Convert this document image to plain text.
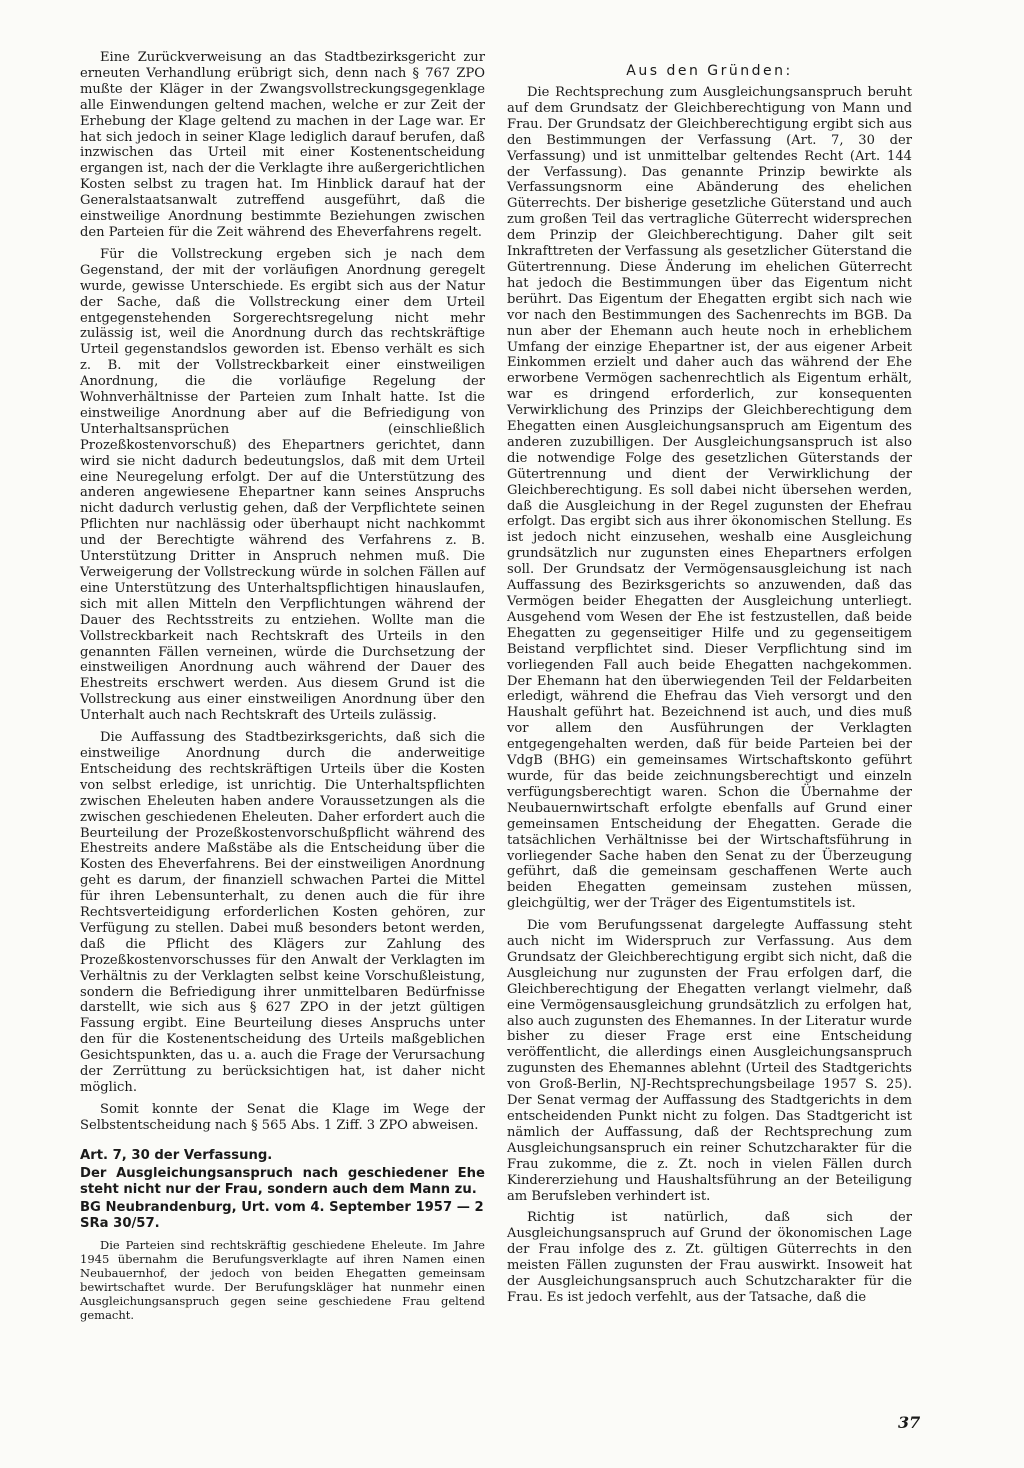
Eine Zurückverweisung an das Stadtbezirksgericht zur erneuten Verhandlung erübrigt sich, denn nach § 767 ZPO mußte der Kläger in der Zwangsvollstreckungsgegenklage alle Einwendungen geltend machen, welche er zur Zeit der Erhebung der Klage geltend zu machen in der Lage war. Er hat sich jedoch in seiner Klage lediglich darauf berufen, daß inzwischen das Urteil mit einer Kostenentscheidung ergangen ist, nach der die Verklagte ihre außergerichtlichen Kosten selbst zu tragen hat. Im Hinblick darauf hat der Generalstaatsanwalt zutreffend ausgeführt, daß die einstweilige Anordnung bestimmte Beziehungen zwischen den Parteien für die Zeit während des Eheverfahrens regelt.

Für die Vollstreckung ergeben sich je nach dem Gegenstand, der mit der vorläufigen Anordnung geregelt wurde, gewisse Unterschiede. Es ergibt sich aus der Natur der Sache, daß die Vollstreckung einer dem Urteil entgegenstehenden Sorgerechtsregelung nicht mehr zulässig ist, weil die Anordnung durch das rechtskräftige Urteil gegenstandslos geworden ist. Ebenso verhält es sich z. B. mit der Vollstreckbarkeit einer einstweiligen Anordnung, die die vorläufige Regelung der Wohnverhältnisse der Parteien zum Inhalt hatte. Ist die einstweilige Anordnung aber auf die Befriedigung von Unterhaltsansprüchen (einschließlich Prozeßkostenvorschuß) des Ehepartners gerichtet, dann wird sie nicht dadurch bedeutungslos, daß mit dem Urteil eine Neuregelung erfolgt. Der auf die Unterstützung des anderen angewiesene Ehepartner kann seines Anspruchs nicht dadurch verlustig gehen, daß der Verpflichtete seinen Pflichten nur nachlässig oder überhaupt nicht nachkommt und der Berechtigte während des Verfahrens z. B. Unterstützung Dritter in Anspruch nehmen muß. Die Verweigerung der Vollstreckung würde in solchen Fällen auf eine Unterstützung des Unterhaltspflichtigen hinauslaufen, sich mit allen Mitteln den Verpflichtungen während der Dauer des Rechtsstreits zu entziehen. Wollte man die Vollstreckbarkeit nach Rechtskraft des Urteils in den genannten Fällen verneinen, würde die Durchsetzung der einstweiligen Anordnung auch während der Dauer des Ehestreits erschwert werden. Aus diesem Grund ist die Vollstreckung aus einer einstweiligen Anordnung über den Unterhalt auch nach Rechtskraft des Urteils zulässig.

Die Auffassung des Stadtbezirksgerichts, daß sich die einstweilige Anordnung durch die anderweitige Entscheidung des rechtskräftigen Urteils über die Kosten von selbst erledige, ist unrichtig. Die Unterhaltspflichten zwischen Eheleuten haben andere Voraussetzungen als die zwischen geschiedenen Eheleuten. Daher erfordert auch die Beurteilung der Prozeßkostenvorschußpflicht während des Ehestreits andere Maßstäbe als die Entscheidung über die Kosten des Eheverfahrens. Bei der einstweiligen Anordnung geht es darum, der finanziell schwachen Partei die Mittel für ihren Lebensunterhalt, zu denen auch die für ihre Rechtsverteidigung erforderlichen Kosten gehören, zur Verfügung zu stellen. Dabei muß besonders betont werden, daß die Pflicht des Klägers zur Zahlung des Prozeßkostenvorschusses für den Anwalt der Verklagten im Verhältnis zu der Verklagten selbst keine Vorschußleistung, sondern die Befriedigung ihrer unmittelbaren Bedürfnisse darstellt, wie sich aus § 627 ZPO in der jetzt gültigen Fassung ergibt. Eine Beurteilung dieses Anspruchs unter den für die Kostenentscheidung des Urteils maßgeblichen Gesichtspunkten, das u. a. auch die Frage der Verursachung der Zerrüttung zu berücksichtigen hat, ist daher nicht möglich.

Somit konnte der Senat die Klage im Wege der Selbstentscheidung nach § 565 Abs. 1 Ziff. 3 ZPO abweisen.

Art. 7, 30 der Verfassung.
Der Ausgleichungsanspruch nach geschiedener Ehe steht nicht nur der Frau, sondern auch dem Mann zu.
BG Neubrandenburg, Urt. vom 4. September 1957 — 2 SRa 30/57.

Die Parteien sind rechtskräftig geschiedene Eheleute. Im Jahre 1945 übernahm die Berufungsverklagte auf ihren Namen einen Neubauernhof, der jedoch von beiden Ehegatten gemeinsam bewirtschaftet wurde. Der Berufungskläger hat nunmehr einen Ausgleichungsanspruch gegen seine geschiedene Frau geltend gemacht.

Aus den Gründen:

Die Rechtsprechung zum Ausgleichungsanspruch beruht auf dem Grundsatz der Gleichberechtigung von Mann und Frau. Der Grundsatz der Gleichberechtigung ergibt sich aus den Bestimmungen der Verfassung (Art. 7, 30 der Verfassung) und ist unmittelbar geltendes Recht (Art. 144 der Verfassung). Das genannte Prinzip bewirkte als Verfassungsnorm eine Abänderung des ehelichen Güterrechts. Der bisherige gesetzliche Güterstand und auch zum großen Teil das vertragliche Güterrecht widersprechen dem Prinzip der Gleichberechtigung. Daher gilt seit Inkrafttreten der Verfassung als gesetzlicher Güterstand die Gütertrennung. Diese Änderung im ehelichen Güterrecht hat jedoch die Bestimmungen über das Eigentum nicht berührt. Das Eigentum der Ehegatten ergibt sich nach wie vor nach den Bestimmungen des Sachenrechts im BGB. Da nun aber der Ehemann auch heute noch in erheblichem Umfang der einzige Ehepartner ist, der aus eigener Arbeit Einkommen erzielt und daher auch das während der Ehe erworbene Vermögen sachenrechtlich als Eigentum erhält, war es dringend erforderlich, zur konsequenten Verwirklichung des Prinzips der Gleichberechtigung dem Ehegatten einen Ausgleichungsanspruch am Eigentum des anderen zuzubilligen. Der Ausgleichungsanspruch ist also die notwendige Folge des gesetzlichen Güterstands der Gütertrennung und dient der Verwirklichung der Gleichberechtigung. Es soll dabei nicht übersehen werden, daß die Ausgleichung in der Regel zugunsten der Ehefrau erfolgt. Das ergibt sich aus ihrer ökonomischen Stellung. Es ist jedoch nicht einzusehen, weshalb eine Ausgleichung grundsätzlich nur zugunsten eines Ehepartners erfolgen soll. Der Grundsatz der Vermögensausgleichung ist nach Auffassung des Bezirksgerichts so anzuwenden, daß das Vermögen beider Ehegatten der Ausgleichung unterliegt. Ausgehend vom Wesen der Ehe ist festzustellen, daß beide Ehegatten zu gegenseitiger Hilfe und zu gegenseitigem Beistand verpflichtet sind. Dieser Verpflichtung sind im vorliegenden Fall auch beide Ehegatten nachgekommen. Der Ehemann hat den überwiegenden Teil der Feldarbeiten erledigt, während die Ehefrau das Vieh versorgt und den Haushalt geführt hat. Bezeichnend ist auch, und dies muß vor allem den Ausführungen der Verklagten entgegengehalten werden, daß für beide Parteien bei der VdgB (BHG) ein gemeinsames Wirtschaftskonto geführt wurde, für das beide zeichnungsberechtigt und einzeln verfügungsberechtigt waren. Schon die Übernahme der Neubauernwirtschaft erfolgte ebenfalls auf Grund einer gemeinsamen Entscheidung der Ehegatten. Gerade die tatsächlichen Verhältnisse bei der Wirtschaftsführung in vorliegender Sache haben den Senat zu der Überzeugung geführt, daß die gemeinsam geschaffenen Werte auch beiden Ehegatten gemeinsam zustehen müssen, gleichgültig, wer der Träger des Eigentumstitels ist.

Die vom Berufungssenat dargelegte Auffassung steht auch nicht im Widerspruch zur Verfassung. Aus dem Grundsatz der Gleichberechtigung ergibt sich nicht, daß die Ausgleichung nur zugunsten der Frau erfolgen darf, die Gleichberechtigung der Ehegatten verlangt vielmehr, daß eine Vermögensausgleichung grundsätzlich zu erfolgen hat, also auch zugunsten des Ehemannes. In der Literatur wurde bisher zu dieser Frage erst eine Entscheidung veröffentlicht, die allerdings einen Ausgleichungsanspruch zugunsten des Ehemannes ablehnt (Urteil des Stadtgerichts von Groß-Berlin, NJ-Rechtsprechungsbeilage 1957 S. 25). Der Senat vermag der Auffassung des Stadtgerichts in dem entscheidenden Punkt nicht zu folgen. Das Stadtgericht ist nämlich der Auffassung, daß der Rechtsprechung zum Ausgleichungsanspruch ein reiner Schutzcharakter für die Frau zukomme, die z. Zt. noch in vielen Fällen durch Kindererziehung und Haushaltsführung an der Beteiligung am Berufsleben verhindert ist.

Richtig ist natürlich, daß sich der Ausgleichungsanspruch auf Grund der ökonomischen Lage der Frau infolge des z. Zt. gültigen Güterrechts in den meisten Fällen zugunsten der Frau auswirkt. Insoweit hat der Ausgleichungsanspruch auch Schutzcharakter für die Frau. Es ist jedoch verfehlt, aus der Tatsache, daß die

37
